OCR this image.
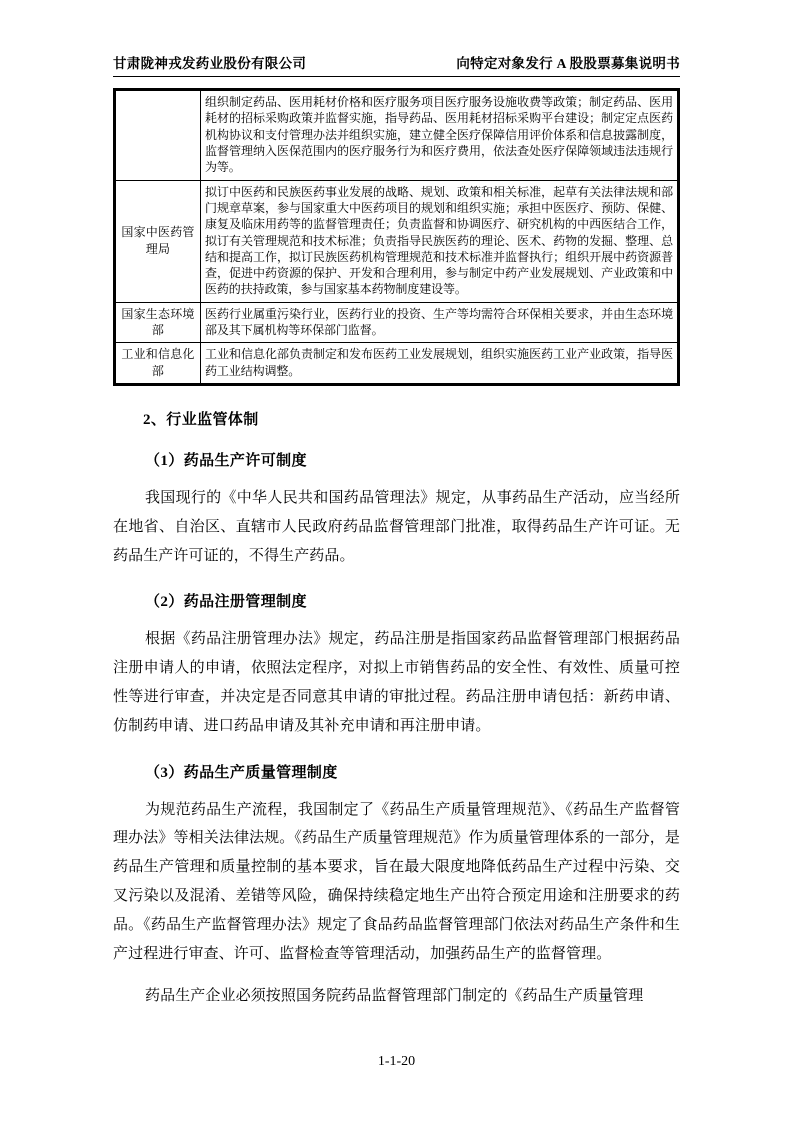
甘肃陇神戎发药业股份有限公司	向特定对象发行 A 股股票募集说明书
	组织制定药品、医用耗材价格和医疗服务项目医疗服务设施收费等政策；制定药品、医用耗材的招标采购政策并监督实施，指导药品、医用耗材招标采购平台建设；制定定点医药机构协议和支付管理办法并组织实施，建立健全医疗保障信用评价体系和信息披露制度，监督管理纳入医保范围内的医疗服务行为和医疗费用，依法查处医疗保障领域违法违规行为等。
国家中医药管理局	拟订中医药和民族医药事业发展的战略、规划、政策和相关标准，起草有关法律法规和部门规章草案，参与国家重大中医药项目的规划和组织实施；承担中医医疗、预防、保健、康复及临床用药等的监督管理责任；负责监督和协调医疗、研究机构的中西医结合工作，拟订有关管理规范和技术标准；负责指导民族医药的理论、医术、药物的发掘、整理、总结和提高工作，拟订民族医药机构管理规范和技术标准并监督执行；组织开展中药资源普查，促进中药资源的保护、开发和合理利用，参与制定中药产业发展规划、产业政策和中医药的扶持政策，参与国家基本药物制度建设等。
国家生态环境部	医药行业属重污染行业，医药行业的投资、生产等均需符合环保相关要求，并由生态环境部及其下属机构等环保部门监督。
工业和信息化部	工业和信息化部负责制定和发布医药工业发展规划，组织实施医药工业产业政策，指导医药工业结构调整。
2、行业监管体制
（1）药品生产许可制度

我国现行的《中华人民共和国药品管理法》规定，从事药品生产活动，应当经所在地省、自治区、直辖市人民政府药品监督管理部门批准，取得药品生产许可证。无药品生产许可证的，不得生产药品。

（2）药品注册管理制度

根据《药品注册管理办法》规定，药品注册是指国家药品监督管理部门根据药品注册申请人的申请，依照法定程序，对拟上市销售药品的安全性、有效性、质量可控性等进行审查，并决定是否同意其申请的审批过程。药品注册申请包括：新药申请、仿制药申请、进口药品申请及其补充申请和再注册申请。

（3）药品生产质量管理制度

为规范药品生产流程，我国制定了《药品生产质量管理规范》、《药品生产监督管理办法》等相关法律法规。《药品生产质量管理规范》作为质量管理体系的一部分，是药品生产管理和质量控制的基本要求，旨在最大限度地降低药品生产过程中污染、交叉污染以及混淆、差错等风险，确保持续稳定地生产出符合预定用途和注册要求的药品。《药品生产监督管理办法》规定了食品药品监督管理部门依法对药品生产条件和生产过程进行审查、许可、监督检查等管理活动，加强药品生产的监督管理。

药品生产企业必须按照国务院药品监督管理部门制定的《药品生产质量管理

1-1-20
